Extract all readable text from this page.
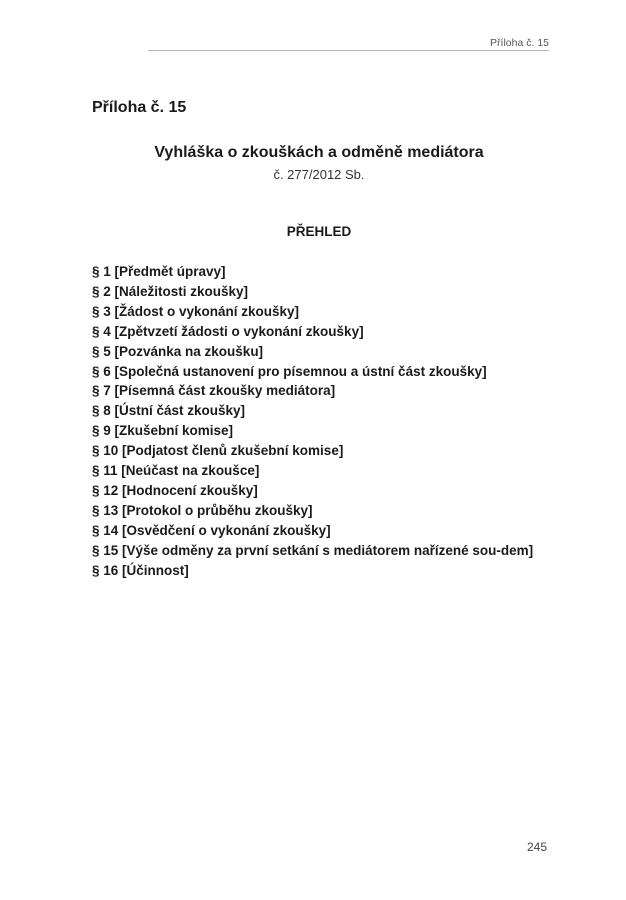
Příloha č. 15
Příloha č. 15
Vyhláška o zkouškách a odměně mediátora
č. 277/2012 Sb.
PŘEHLED
§ 1 [Předmět úpravy]
§ 2 [Náležitosti zkoušky]
§ 3 [Žádost o vykonání zkoušky]
§ 4 [Zpětvzetí žádosti o vykonání zkoušky]
§ 5 [Pozvánka na zkoušku]
§ 6 [Společná ustanovení pro písemnou a ústní část zkoušky]
§ 7 [Písemná část zkoušky mediátora]
§ 8 [Ústní část zkoušky]
§ 9 [Zkušební komise]
§ 10 [Podjatost členů zkušební komise]
§ 11 [Neúčast na zkoušce]
§ 12 [Hodnocení zkoušky]
§ 13 [Protokol o průběhu zkoušky]
§ 14 [Osvědčení o vykonání zkoušky]
§ 15 [Výše odměny za první setkání s mediátorem nařízené sou-dem]
§ 16 [Účinnost]
245
